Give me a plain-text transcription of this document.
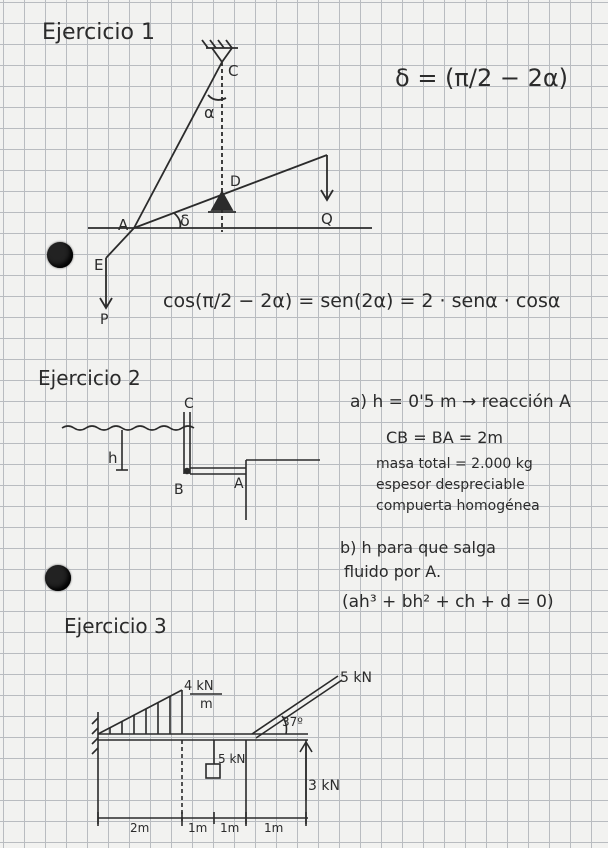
Ejercicio 1
δ = (π/2 − 2α)
cos(π/2 − 2α) = sen(2α) = 2 · senα · cosα
C
α
D
A	δ	Q
E
P
Ejercicio 2
a) h = 0'5 m → reacción A
CB = BA = 2m
masa total = 2.000 kg
espesor despreciable
compuerta homogénea
b) h para que salga
fluido por A.
(ah³ + bh² + ch + d = 0)
C
h
B	A
Ejercicio 3
4 kN
m
5 kN
37º
5 kN
3 kN
2m	1m 1m 1m
